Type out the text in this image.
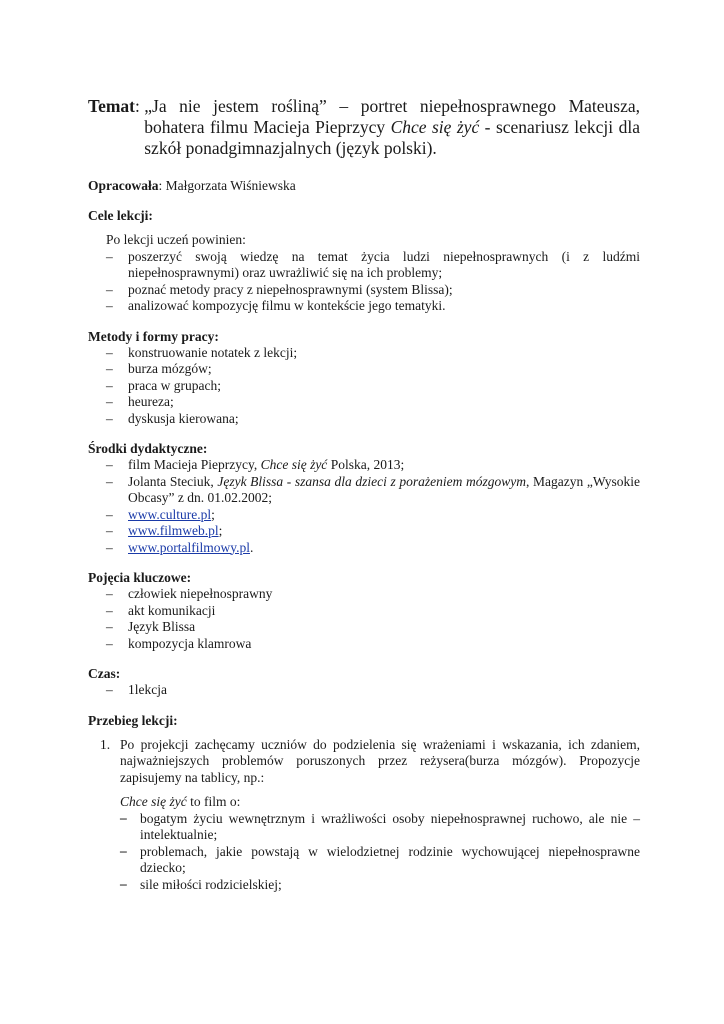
Temat : „Ja nie jestem rośliną” – portret niepełnosprawnego Mateusza, bohatera filmu Macieja Pieprzycy Chce się żyć - scenariusz lekcji dla szkół ponadgimnazjalnych (język polski).
Opracowała: Małgorzata Wiśniewska
Cele lekcji:
Po lekcji uczeń powinien:
– poszerzyć swoją wiedzę na temat życia ludzi niepełnosprawnych (i z ludźmi niepełnosprawnymi) oraz uwrażliwić się na ich problemy;
– poznać metody pracy z niepełnosprawnymi (system Blissa);
– analizować kompozycję filmu w kontekście jego tematyki.
Metody i formy pracy:
– konstruowanie notatek z lekcji;
– burza mózgów;
– praca w grupach;
– heureza;
– dyskusja kierowana;
Środki dydaktyczne:
– film Macieja Pieprzycy, Chce się żyć Polska, 2013;
– Jolanta Steciuk, Język Blissa - szansa dla dzieci z porażeniem mózgowym, Magazyn „Wysokie Obcasy” z dn. 01.02.2002;
– www.culture.pl;
– www.filmweb.pl;
– www.portalfilmowy.pl.
Pojęcia kluczowe:
– człowiek niepełnosprawny
– akt komunikacji
– Język Blissa
– kompozycja klamrowa
Czas:
– 1lekcja
Przebieg lekcji:
1. Po projekcji zachęcamy uczniów do podzielenia się wrażeniami i wskazania, ich zdaniem, najważniejszych problemów poruszonych przez reżysera(burza mózgów). Propozycje zapisujemy na tablicy, np.:
Chce się żyć to film o:
– bogatym życiu wewnętrznym i wrażliwości osoby niepełnosprawnej ruchowo, ale nie – intelektualnie;
– problemach, jakie powstają w wielodzietnej rodzinie wychowującej niepełnosprawne dziecko;
– sile miłości rodzicielskiej;
